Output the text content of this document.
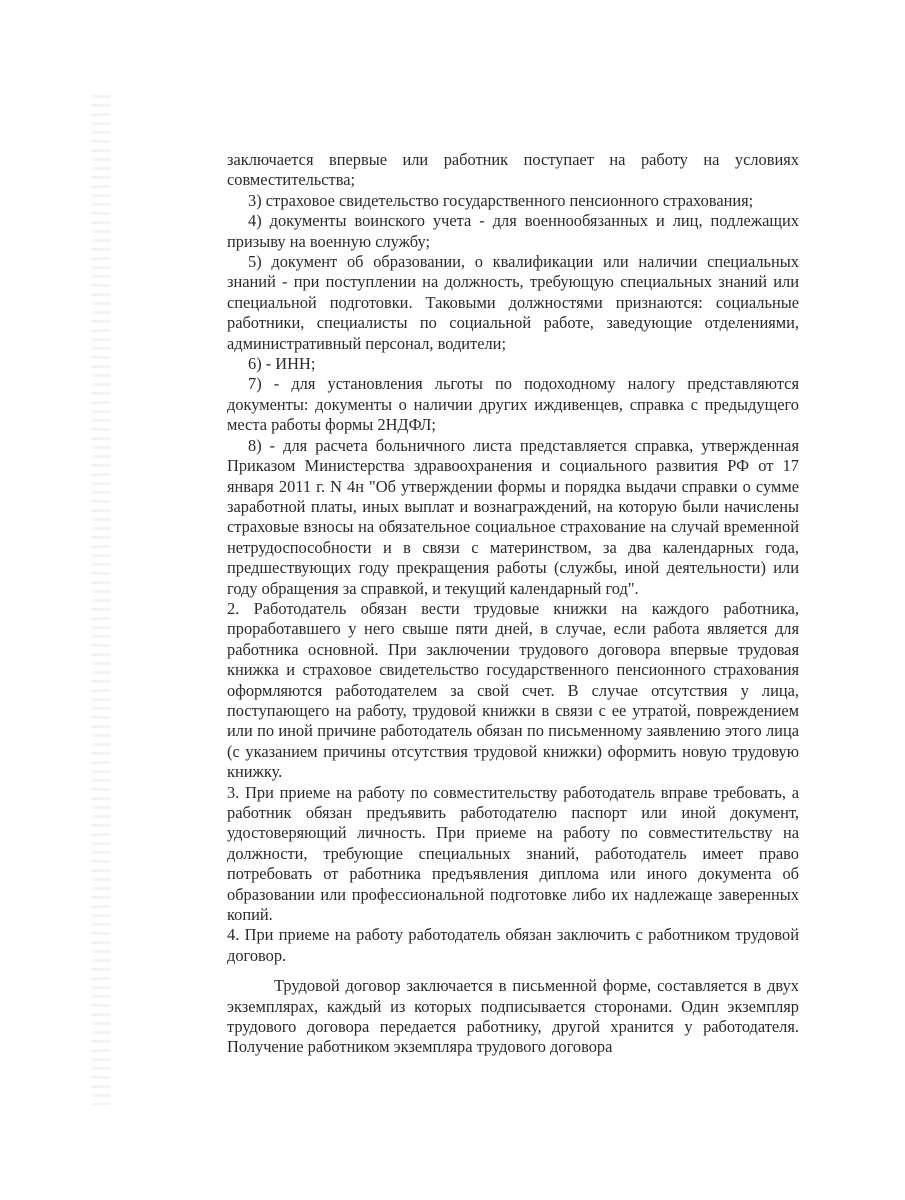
заключается впервые или работник поступает на работу на условиях совместительства;

3) страховое свидетельство государственного пенсионного страхования;

4) документы воинского учета - для военнообязанных и лиц, подлежащих призыву на военную службу;

5) документ об образовании, о квалификации или наличии специальных знаний - при поступлении на должность, требующую специальных знаний или специальной подготовки. Таковыми должностями признаются: социальные работники, специалисты по социальной работе, заведующие отделениями, административный персонал, водители;

6) - ИНН;

7) - для установления льготы по подоходному налогу представляются документы: документы о наличии других иждивенцев, справка с предыдущего места работы формы 2НДФЛ;

8) - для расчета больничного листа представляется справка, утвержденная Приказом Министерства здравоохранения и социального развития РФ от 17 января 2011 г. N 4н "Об утверждении формы и порядка выдачи справки о сумме заработной платы, иных выплат и вознаграждений, на которую были начислены страховые взносы на обязательное социальное страхование на случай временной нетрудоспособности и в связи с материнством, за два календарных года, предшествующих году прекращения работы (службы, иной деятельности) или году обращения за справкой, и текущий календарный год".

2. Работодатель обязан вести трудовые книжки на каждого работника, проработавшего у него свыше пяти дней, в случае, если работа является для работника основной. При заключении трудового договора впервые трудовая книжка и страховое свидетельство государственного пенсионного страхования оформляются работодателем за свой счет. В случае отсутствия у лица, поступающего на работу, трудовой книжки в связи с ее утратой, повреждением или по иной причине работодатель обязан по письменному заявлению этого лица (с указанием причины отсутствия трудовой книжки) оформить новую трудовую книжку.

3. При приеме на работу по совместительству работодатель вправе требовать, а работник обязан предъявить работодателю паспорт или иной документ, удостоверяющий личность. При приеме на работу по совместительству на должности, требующие специальных знаний, работодатель имеет право потребовать от работника предъявления диплома или иного документа об образовании или профессиональной подготовке либо их надлежаще заверенных копий.

4. При приеме на работу работодатель обязан заключить с работником трудовой договор.

Трудовой договор заключается в письменной форме, составляется в двух экземплярах, каждый из которых подписывается сторонами. Один экземпляр трудового договора передается работнику, другой хранится у работодателя. Получение работником экземпляра трудового договора
